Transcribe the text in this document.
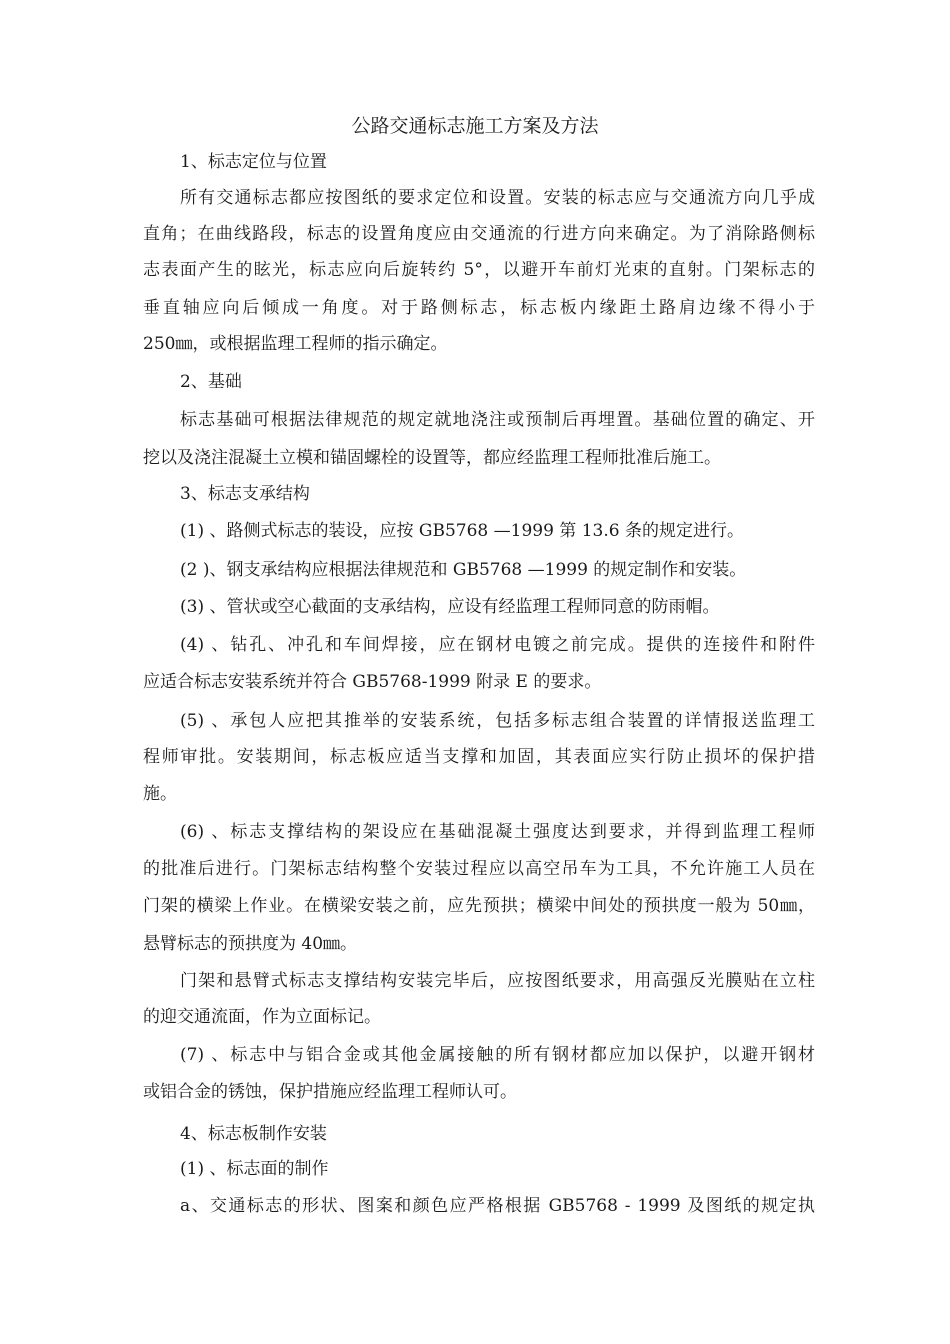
公路交通标志施工方案及方法
1、标志定位与位置
所有交通标志都应按图纸的要求定位和设置。安装的标志应与交通流方向几乎成
直角；在曲线路段，标志的设置角度应由交通流的行进方向来确定。为了消除路侧标
志表面产生的眩光，标志应向后旋转约 5°，以避开车前灯光束的直射。门架标志的
垂直轴应向后倾成一角度。对于路侧标志，标志板内缘距土路肩边缘不得小于
250㎜，或根据监理工程师的指示确定。
2、基础
标志基础可根据法律规范的规定就地浇注或预制后再埋置。基础位置的确定、开
挖以及浇注混凝土立模和锚固螺栓的设置等，都应经监理工程师批准后施工。
3、标志支承结构
(1) 、路侧式标志的装设，应按 GB5768 —1999 第 13.6 条的规定进行。
(2 )、钢支承结构应根据法律规范和 GB5768 —1999 的规定制作和安装。
(3) 、管状或空心截面的支承结构，应设有经监理工程师同意的防雨帽。
(4) 、钻孔、冲孔和车间焊接，应在钢材电镀之前完成。提供的连接件和附件
应适合标志安装系统并符合 GB5768-1999 附录 E 的要求。
(5) 、承包人应把其推举的安装系统，包括多标志组合装置的详情报送监理工
程师审批。安装期间，标志板应适当支撑和加固，其表面应实行防止损坏的保护措
施。
(6) 、标志支撑结构的架设应在基础混凝土强度达到要求，并得到监理工程师
的批准后进行。门架标志结构整个安装过程应以高空吊车为工具，不允许施工人员在
门架的横梁上作业。在横梁安装之前，应先预拱；横梁中间处的预拱度一般为 50㎜，
悬臂标志的预拱度为 40㎜。
门架和悬臂式标志支撑结构安装完毕后，应按图纸要求，用高强反光膜贴在立柱
的迎交通流面，作为立面标记。
(7) 、标志中与铝合金或其他金属接触的所有钢材都应加以保护，以避开钢材
或铝合金的锈蚀，保护措施应经监理工程师认可。
4、标志板制作安装
(1) 、标志面的制作
a、交通标志的形状、图案和颜色应严格根据 GB5768 - 1999 及图纸的规定执
